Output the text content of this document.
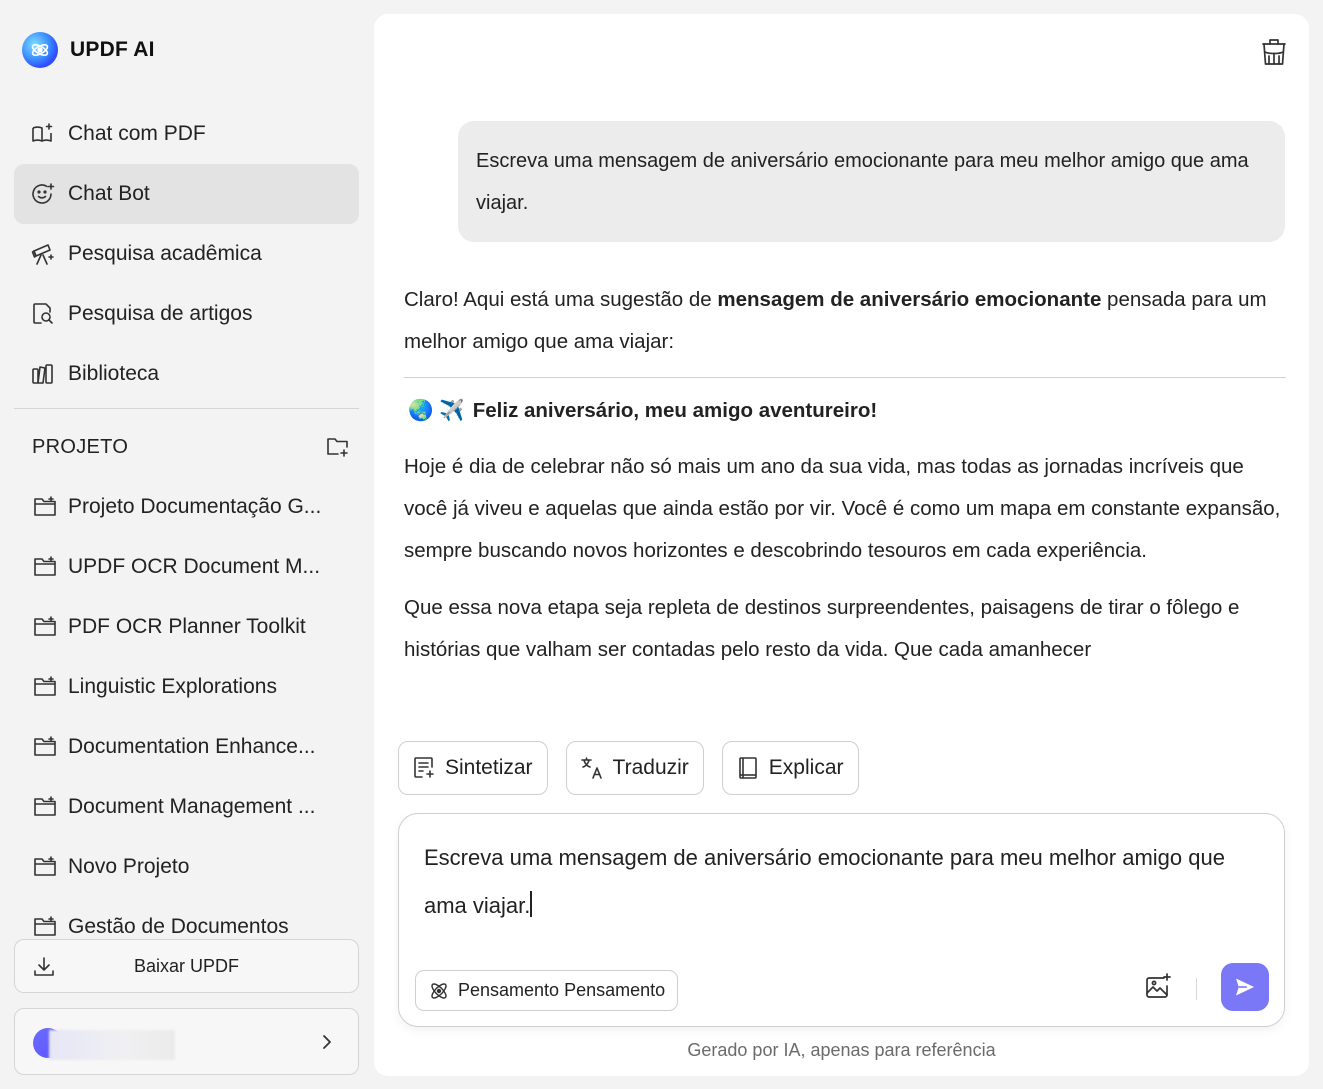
UPDF AI
Chat com PDF
Chat Bot
Pesquisa acadêmica
Pesquisa de artigos
Biblioteca
PROJETO
Projeto Documentação G...
UPDF OCR Document M...
PDF OCR Planner Toolkit
Linguistic Explorations
Documentation Enhance...
Document Management ...
Novo Projeto
Gestão de Documentos
Baixar UPDF
Escreva uma mensagem de aniversário emocionante para meu melhor amigo que ama viajar.

Claro! Aqui está uma sugestão de mensagem de aniversário emocionante pensada para um melhor amigo que ama viajar:

🌏 ✈️ Feliz aniversário, meu amigo aventureiro!

Hoje é dia de celebrar não só mais um ano da sua vida, mas todas as jornadas incríveis que você já viveu e aquelas que ainda estão por vir. Você é como um mapa em constante expansão, sempre buscando novos horizontes e descobrindo tesouros em cada experiência.

Que essa nova etapa seja repleta de destinos surpreendentes, paisagens de tirar o fôlego e histórias que valham ser contadas pelo resto da vida. Que cada amanhecer

Sintetizar	Traduzir	Explicar
Escreva uma mensagem de aniversário emocionante para meu melhor amigo que ama viajar.
Pensamento Pensamento
Gerado por IA, apenas para referência
